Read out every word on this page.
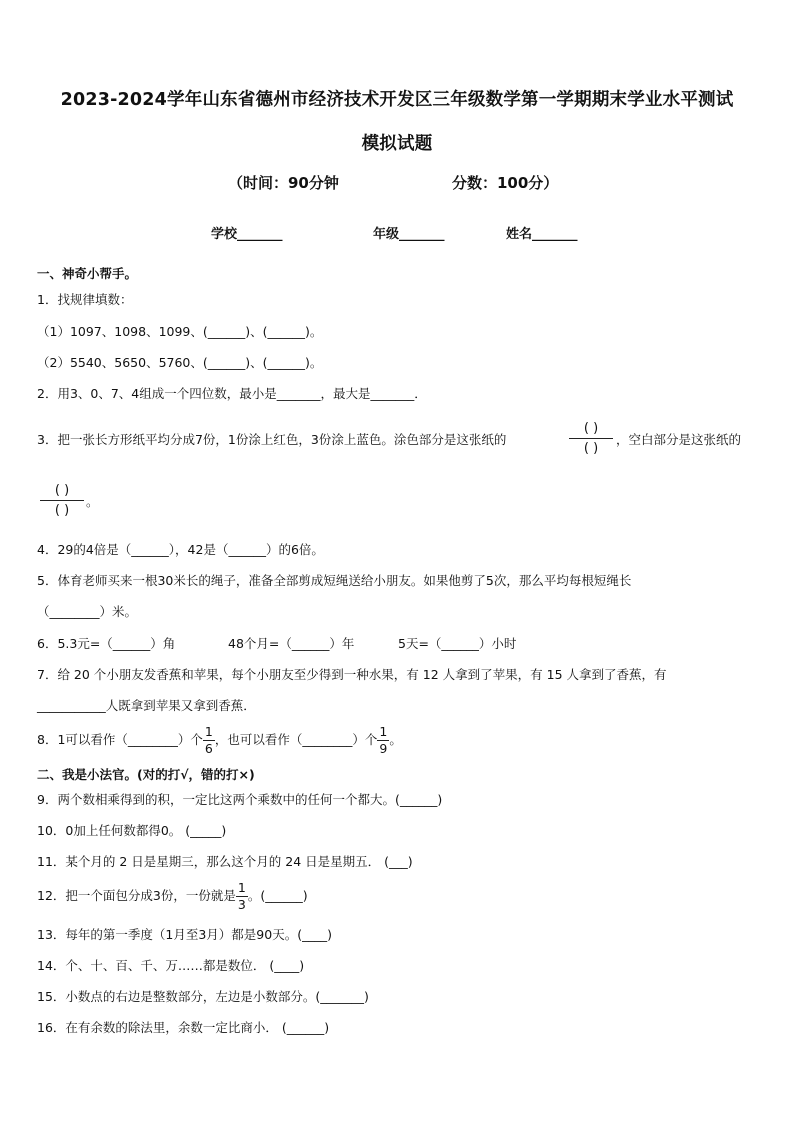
2023-2024学年山东省德州市经济技术开发区三年级数学第一学期期末学业水平测试
模拟试题
（时间：90分钟	分数：100分）
学校_______	年级_______	姓名_______
一、神奇小帮手。
1．找规律填数：
（1）1097、1098、1099、(______)、(______)。
（2）5540、5650、5760、(______)、(______)。
2．用3、0、7、4组成一个四位数，最小是_______，最大是_______．
3．把一张长方形纸平均分成7份，1份涂上红色，3份涂上蓝色。涂色部分是这张纸的
( )
( )
，空白部分是这张纸的
( )
( )
。
4．29的4倍是（______），42是（______）的6倍。
5．体育老师买来一根30米长的绳子，准备全部剪成短绳送给小朋友。如果他剪了5次，那么平均每根短绳长
（________）米。
6．5.3元=（______）角	48个月=（______）年	5天=（______）小时
7．给 20 个小朋友发香蕉和苹果，每个小朋友至少得到一种水果，有 12 人拿到了苹果，有 15 人拿到了香蕉，有
___________人既拿到苹果又拿到香蕉．
8．1可以看作（________）个 $\frac{1}{6}$ ，也可以看作（________）个 $\frac{1}{9}$ 。
二、我是小法官。(对的打√，错的打×)
9．两个数相乘得到的积，一定比这两个乘数中的任何一个都大。(______)
10．0加上任何数都得0。 (_____)
11．某个月的 2 日是星期三，那么这个月的 24 日是星期五． (___)
12．把一个面包分成3份，一份就是 $\frac{1}{3}$ 。(______)
13．每年的第一季度（1月至3月）都是90天。(____)
14．个、十、百、千、万……都是数位． (____)
15．小数点的右边是整数部分，左边是小数部分。(_______)
16．在有余数的除法里，余数一定比商小． (______)
